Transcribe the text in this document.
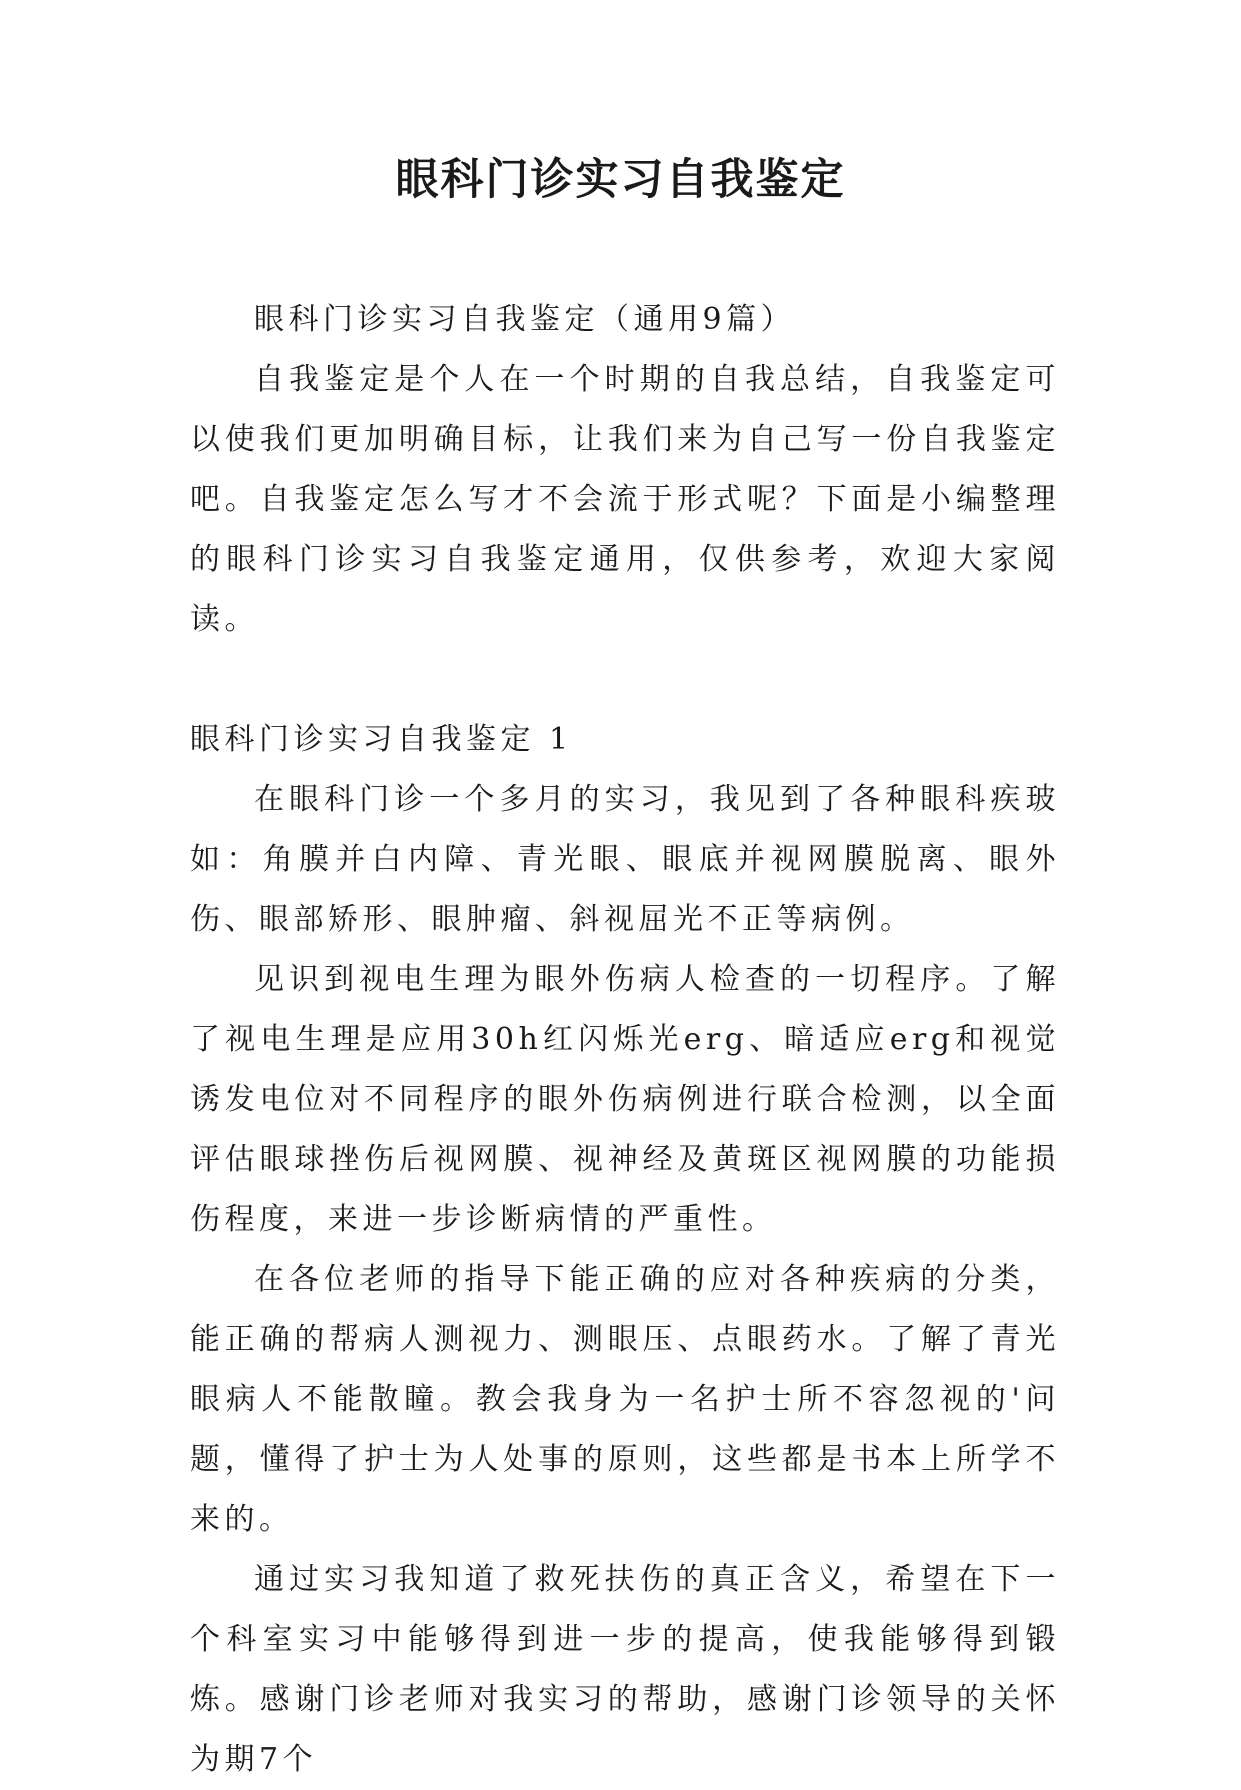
眼科门诊实习自我鉴定

眼科门诊实习自我鉴定（通用9篇）

自我鉴定是个人在一个时期的自我总结，自我鉴定可以使我们更加明确目标，让我们来为自己写一份自我鉴定吧。自我鉴定怎么写才不会流于形式呢？下面是小编整理的眼科门诊实习自我鉴定通用，仅供参考，欢迎大家阅读。

眼科门诊实习自我鉴定 1

在眼科门诊一个多月的实习，我见到了各种眼科疾玻如：角膜并白内障、青光眼、眼底并视网膜脱离、眼外伤、眼部矫形、眼肿瘤、斜视屈光不正等病例。

见识到视电生理为眼外伤病人检查的一切程序。了解了视电生理是应用30h红闪烁光erg、暗适应erg和视觉诱发电位对不同程序的眼外伤病例进行联合检测，以全面评估眼球挫伤后视网膜、视神经及黄斑区视网膜的功能损伤程度，来进一步诊断病情的严重性。

在各位老师的指导下能正确的应对各种疾病的分类，能正确的帮病人测视力、测眼压、点眼药水。了解了青光眼病人不能散瞳。教会我身为一名护士所不容忽视的'问题，懂得了护士为人处事的原则，这些都是书本上所学不来的。

通过实习我知道了救死扶伤的真正含义，希望在下一个科室实习中能够得到进一步的提高，使我能够得到锻炼。感谢门诊老师对我实习的帮助，感谢门诊领导的关怀为期7个
